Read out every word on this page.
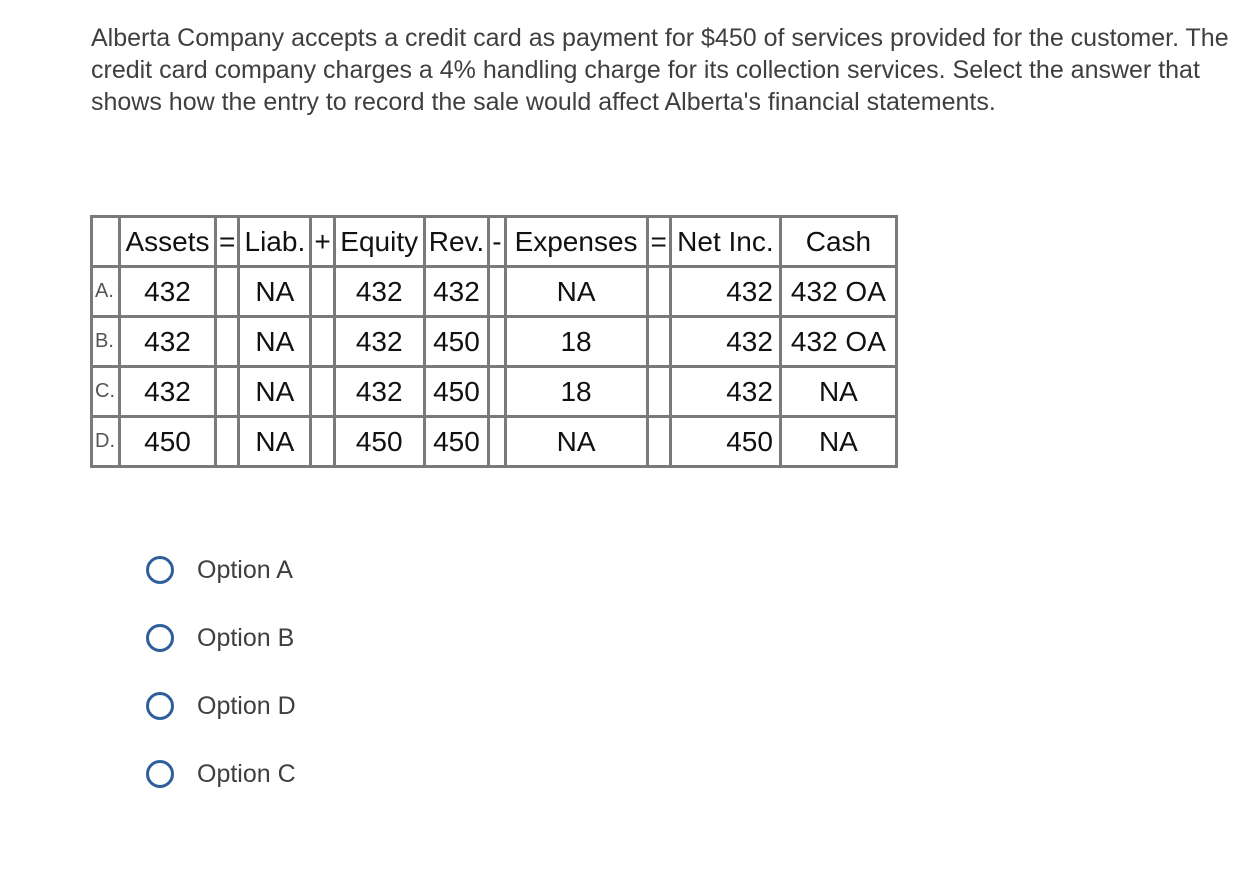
Alberta Company accepts a credit card as payment for $450 of services provided for the customer. The credit card company charges a 4% handling charge for its collection services. Select the answer that shows how the entry to record the sale would affect Alberta's financial statements.

	Assets	=	Liab.	+	Equity	Rev.	-	Expenses	=	Net Inc.	Cash
A.	432		NA		432	432		NA		432	432 OA
B.	432		NA		432	450		18		432	432 OA
C.	432		NA		432	450		18		432	NA
D.	450		NA		450	450		NA		450	NA
Option A
Option B
Option D
Option C
